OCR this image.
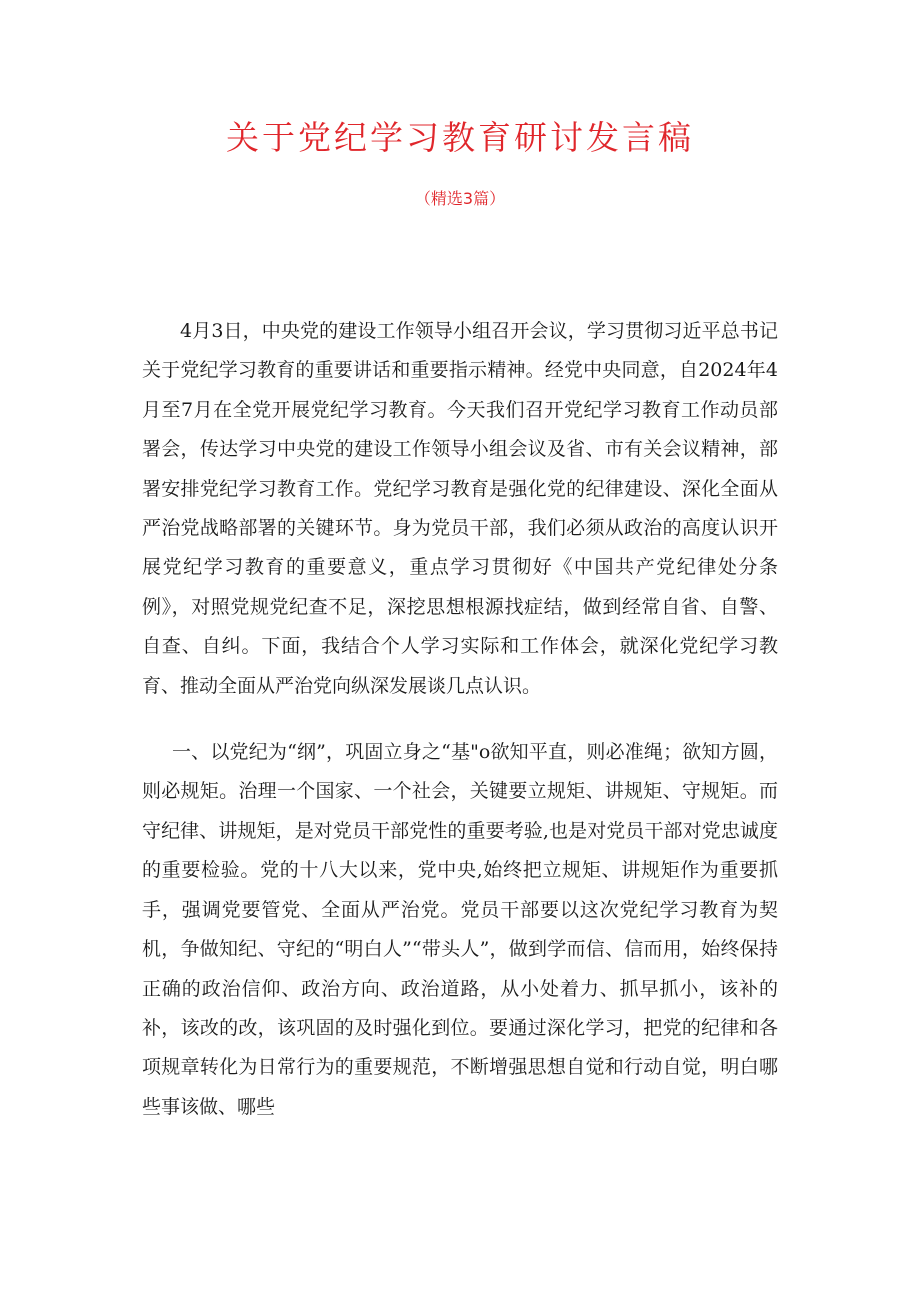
关于党纪学习教育研讨发言稿
（精选3篇）

4月3日，中央党的建设工作领导小组召开会议，学习贯彻习近平总书记关于党纪学习教育的重要讲话和重要指示精神。经党中央同意，自2024年4月至7月在全党开展党纪学习教育。今天我们召开党纪学习教育工作动员部署会，传达学习中央党的建设工作领导小组会议及省、市有关会议精神，部署安排党纪学习教育工作。党纪学习教育是强化党的纪律建设、深化全面从严治党战略部署的关键环节。身为党员干部，我们必须从政治的高度认识开展党纪学习教育的重要意义，重点学习贯彻好《中国共产党纪律处分条例》，对照党规党纪查不足，深挖思想根源找症结，做到经常自省、自警、自查、自纠。下面，我结合个人学习实际和工作体会，就深化党纪学习教育、推动全面从严治党向纵深发展谈几点认识。

一、以党纪为“纲”，巩固立身之“基"o欲知平直，则必准绳；欲知方圆，则必规矩。治理一个国家、一个社会，关键要立规矩、讲规矩、守规矩。而守纪律、讲规矩，是对党员干部党性的重要考验,也是对党员干部对党忠诚度的重要检验。党的十八大以来，党中央,始终把立规矩、讲规矩作为重要抓手，强调党要管党、全面从严治党。党员干部要以这次党纪学习教育为契机，争做知纪、守纪的“明白人”“带头人”，做到学而信、信而用，始终保持正确的政治信仰、政治方向、政治道路，从小处着力、抓早抓小，该补的补，该改的改，该巩固的及时强化到位。要通过深化学习，把党的纪律和各项规章转化为日常行为的重要规范，不断增强思想自觉和行动自觉，明白哪些事该做、哪些
